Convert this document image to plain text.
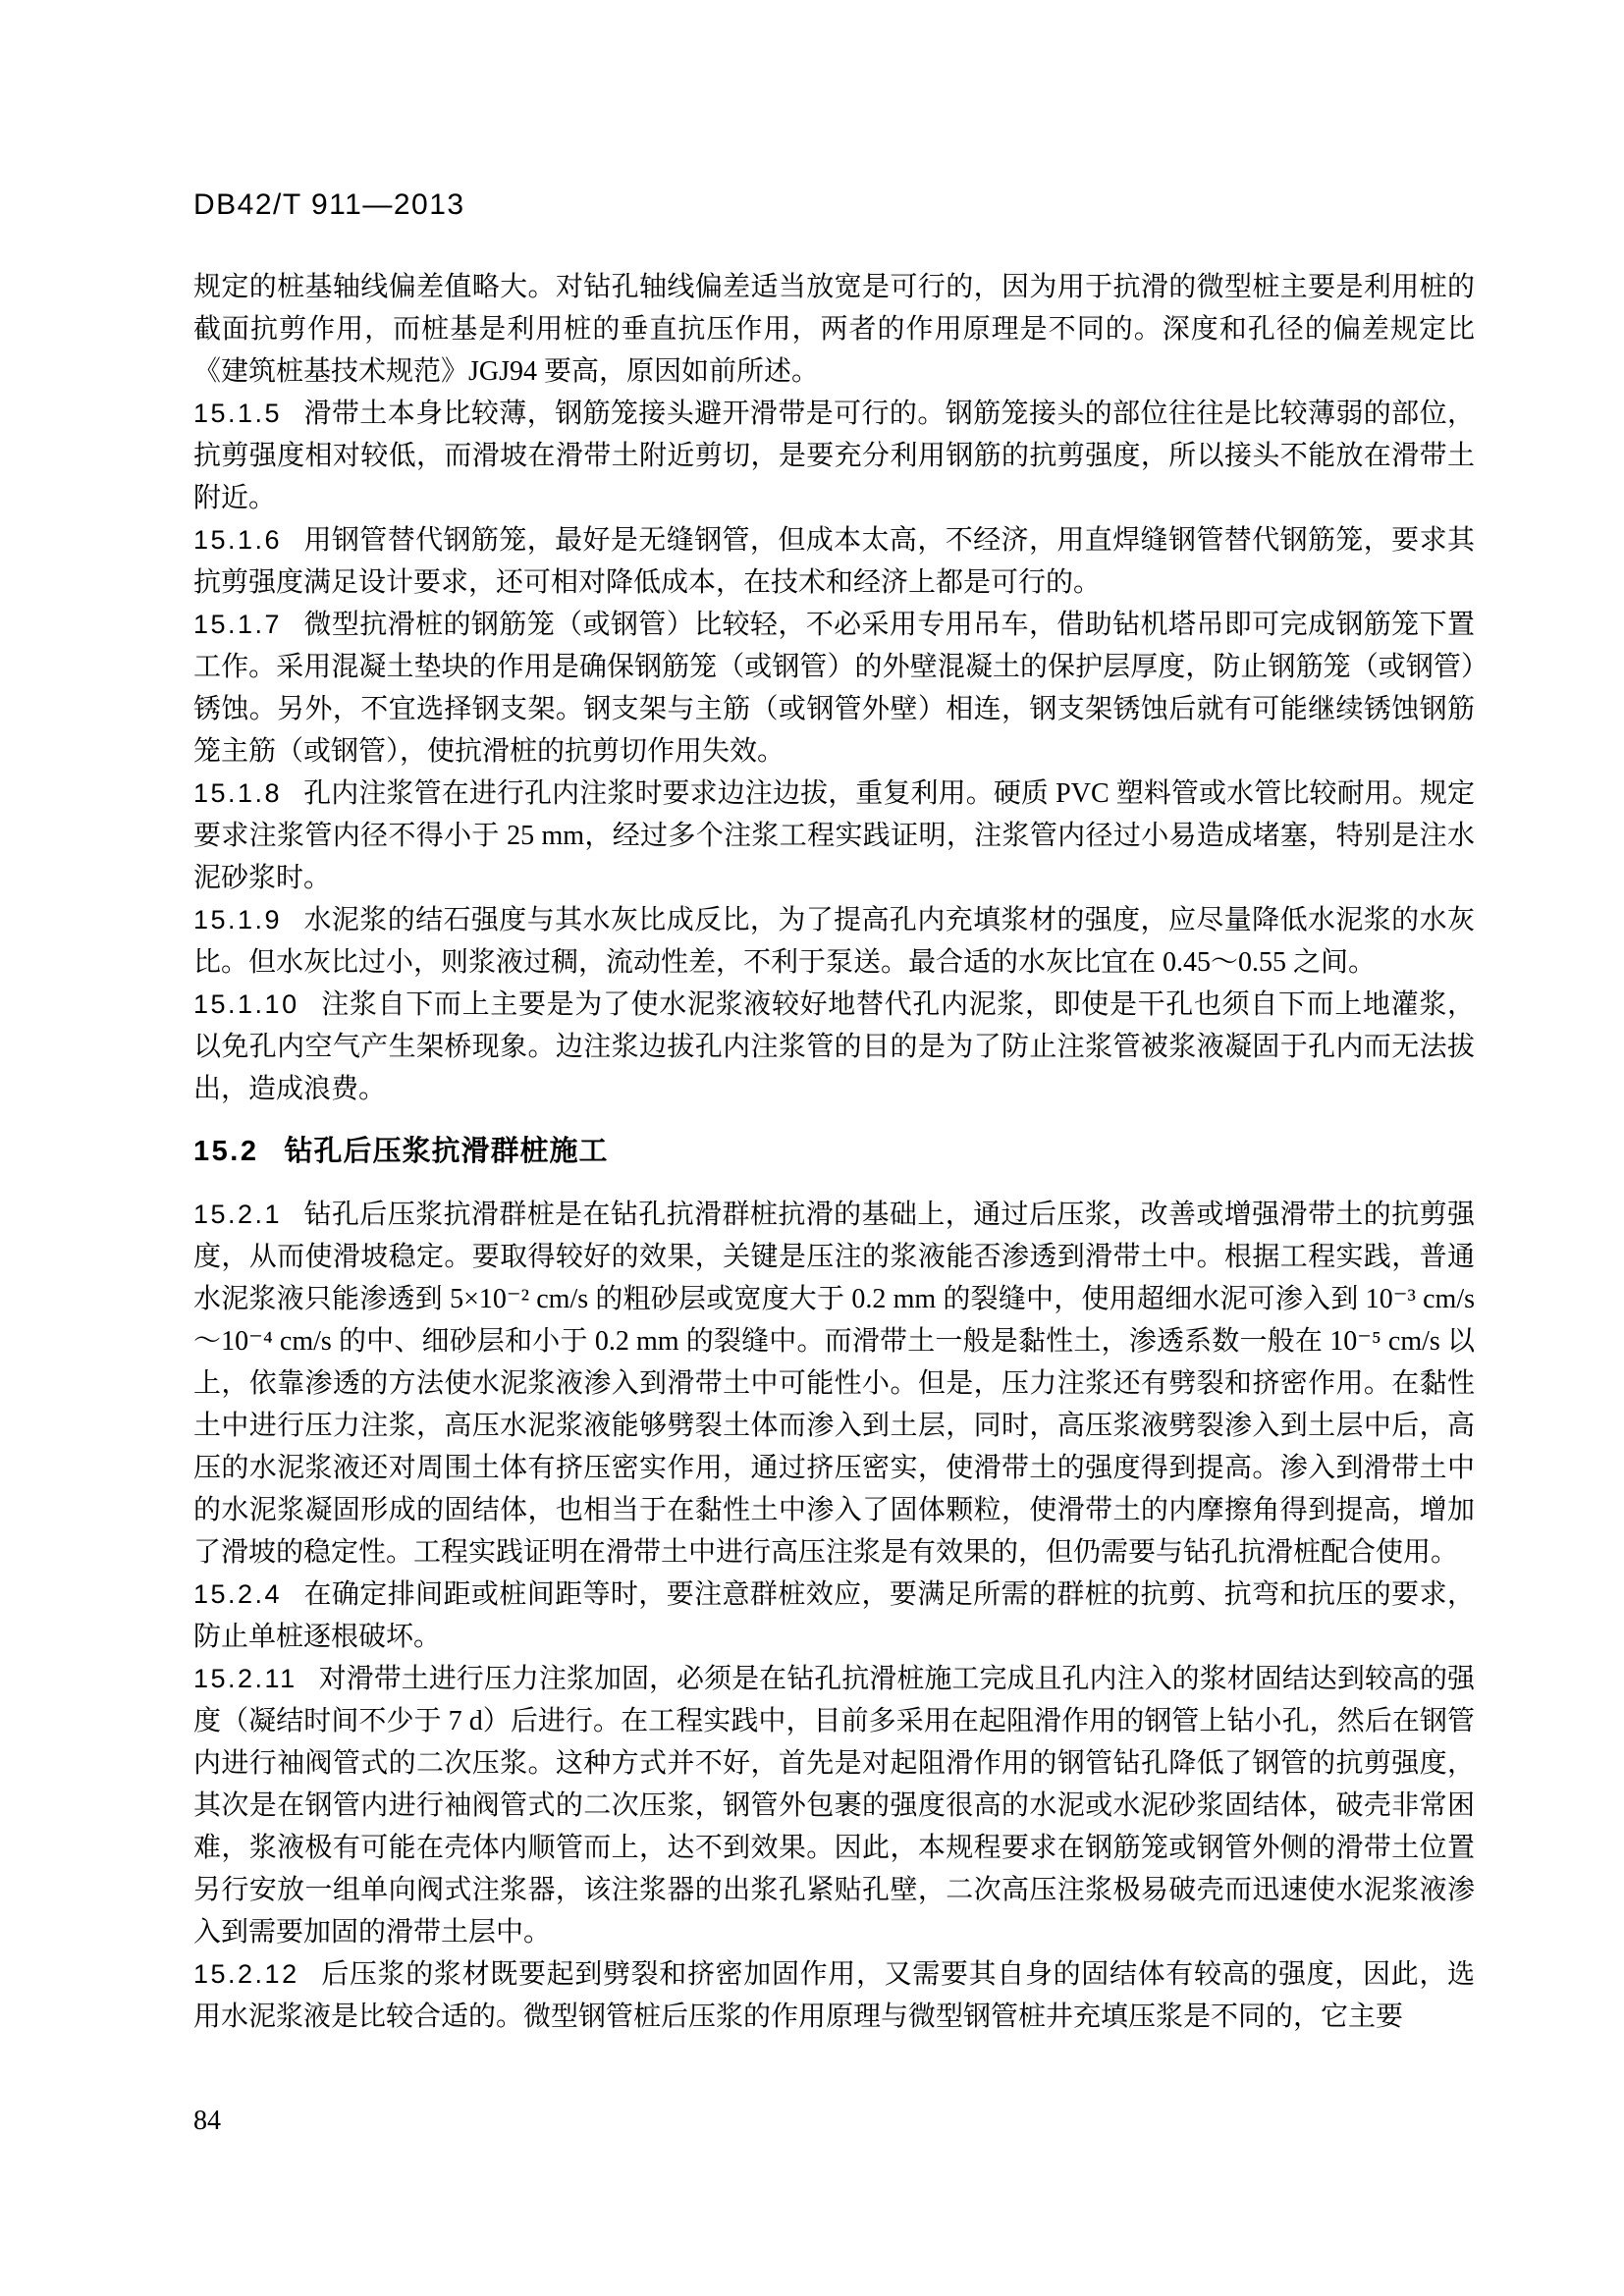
DB42/T 911—2013

规定的桩基轴线偏差值略大。对钻孔轴线偏差适当放宽是可行的，因为用于抗滑的微型桩主要是利用桩的截面抗剪作用，而桩基是利用桩的垂直抗压作用，两者的作用原理是不同的。深度和孔径的偏差规定比《建筑桩基技术规范》JGJ94 要高，原因如前所述。

15.1.5 滑带土本身比较薄，钢筋笼接头避开滑带是可行的。钢筋笼接头的部位往往是比较薄弱的部位，抗剪强度相对较低，而滑坡在滑带土附近剪切，是要充分利用钢筋的抗剪强度，所以接头不能放在滑带土附近。

15.1.6 用钢管替代钢筋笼，最好是无缝钢管，但成本太高，不经济，用直焊缝钢管替代钢筋笼，要求其抗剪强度满足设计要求，还可相对降低成本，在技术和经济上都是可行的。

15.1.7 微型抗滑桩的钢筋笼（或钢管）比较轻，不必采用专用吊车，借助钻机塔吊即可完成钢筋笼下置工作。采用混凝土垫块的作用是确保钢筋笼（或钢管）的外壁混凝土的保护层厚度，防止钢筋笼（或钢管）锈蚀。另外，不宜选择钢支架。钢支架与主筋（或钢管外壁）相连，钢支架锈蚀后就有可能继续锈蚀钢筋笼主筋（或钢管），使抗滑桩的抗剪切作用失效。

15.1.8 孔内注浆管在进行孔内注浆时要求边注边拔，重复利用。硬质 PVC 塑料管或水管比较耐用。规定要求注浆管内径不得小于 25 mm，经过多个注浆工程实践证明，注浆管内径过小易造成堵塞，特别是注水泥砂浆时。

15.1.9 水泥浆的结石强度与其水灰比成反比，为了提高孔内充填浆材的强度，应尽量降低水泥浆的水灰比。但水灰比过小，则浆液过稠，流动性差，不利于泵送。最合适的水灰比宜在 0.45～0.55 之间。

15.1.10 注浆自下而上主要是为了使水泥浆液较好地替代孔内泥浆，即使是干孔也须自下而上地灌浆，以免孔内空气产生架桥现象。边注浆边拔孔内注浆管的目的是为了防止注浆管被浆液凝固于孔内而无法拔出，造成浪费。

15.2 钻孔后压浆抗滑群桩施工

15.2.1 钻孔后压浆抗滑群桩是在钻孔抗滑群桩抗滑的基础上，通过后压浆，改善或增强滑带土的抗剪强度，从而使滑坡稳定。要取得较好的效果，关键是压注的浆液能否渗透到滑带土中。根据工程实践，普通水泥浆液只能渗透到 5×10⁻² cm/s 的粗砂层或宽度大于 0.2 mm 的裂缝中，使用超细水泥可渗入到 10⁻³ cm/s～10⁻⁴ cm/s 的中、细砂层和小于 0.2 mm 的裂缝中。而滑带土一般是黏性土，渗透系数一般在 10⁻⁵ cm/s 以上，依靠渗透的方法使水泥浆液渗入到滑带土中可能性小。但是，压力注浆还有劈裂和挤密作用。在黏性土中进行压力注浆，高压水泥浆液能够劈裂土体而渗入到土层，同时，高压浆液劈裂渗入到土层中后，高压的水泥浆液还对周围土体有挤压密实作用，通过挤压密实，使滑带土的强度得到提高。渗入到滑带土中的水泥浆凝固形成的固结体，也相当于在黏性土中渗入了固体颗粒，使滑带土的内摩擦角得到提高，增加了滑坡的稳定性。工程实践证明在滑带土中进行高压注浆是有效果的，但仍需要与钻孔抗滑桩配合使用。

15.2.4 在确定排间距或桩间距等时，要注意群桩效应，要满足所需的群桩的抗剪、抗弯和抗压的要求，防止单桩逐根破坏。

15.2.11 对滑带土进行压力注浆加固，必须是在钻孔抗滑桩施工完成且孔内注入的浆材固结达到较高的强度（凝结时间不少于 7 d）后进行。在工程实践中，目前多采用在起阻滑作用的钢管上钻小孔，然后在钢管内进行袖阀管式的二次压浆。这种方式并不好，首先是对起阻滑作用的钢管钻孔降低了钢管的抗剪强度，其次是在钢管内进行袖阀管式的二次压浆，钢管外包裹的强度很高的水泥或水泥砂浆固结体，破壳非常困难，浆液极有可能在壳体内顺管而上，达不到效果。因此，本规程要求在钢筋笼或钢管外侧的滑带土位置另行安放一组单向阀式注浆器，该注浆器的出浆孔紧贴孔壁，二次高压注浆极易破壳而迅速使水泥浆液渗入到需要加固的滑带土层中。

15.2.12 后压浆的浆材既要起到劈裂和挤密加固作用，又需要其自身的固结体有较高的强度，因此，选用水泥浆液是比较合适的。微型钢管桩后压浆的作用原理与微型钢管桩井充填压浆是不同的，它主要

84
